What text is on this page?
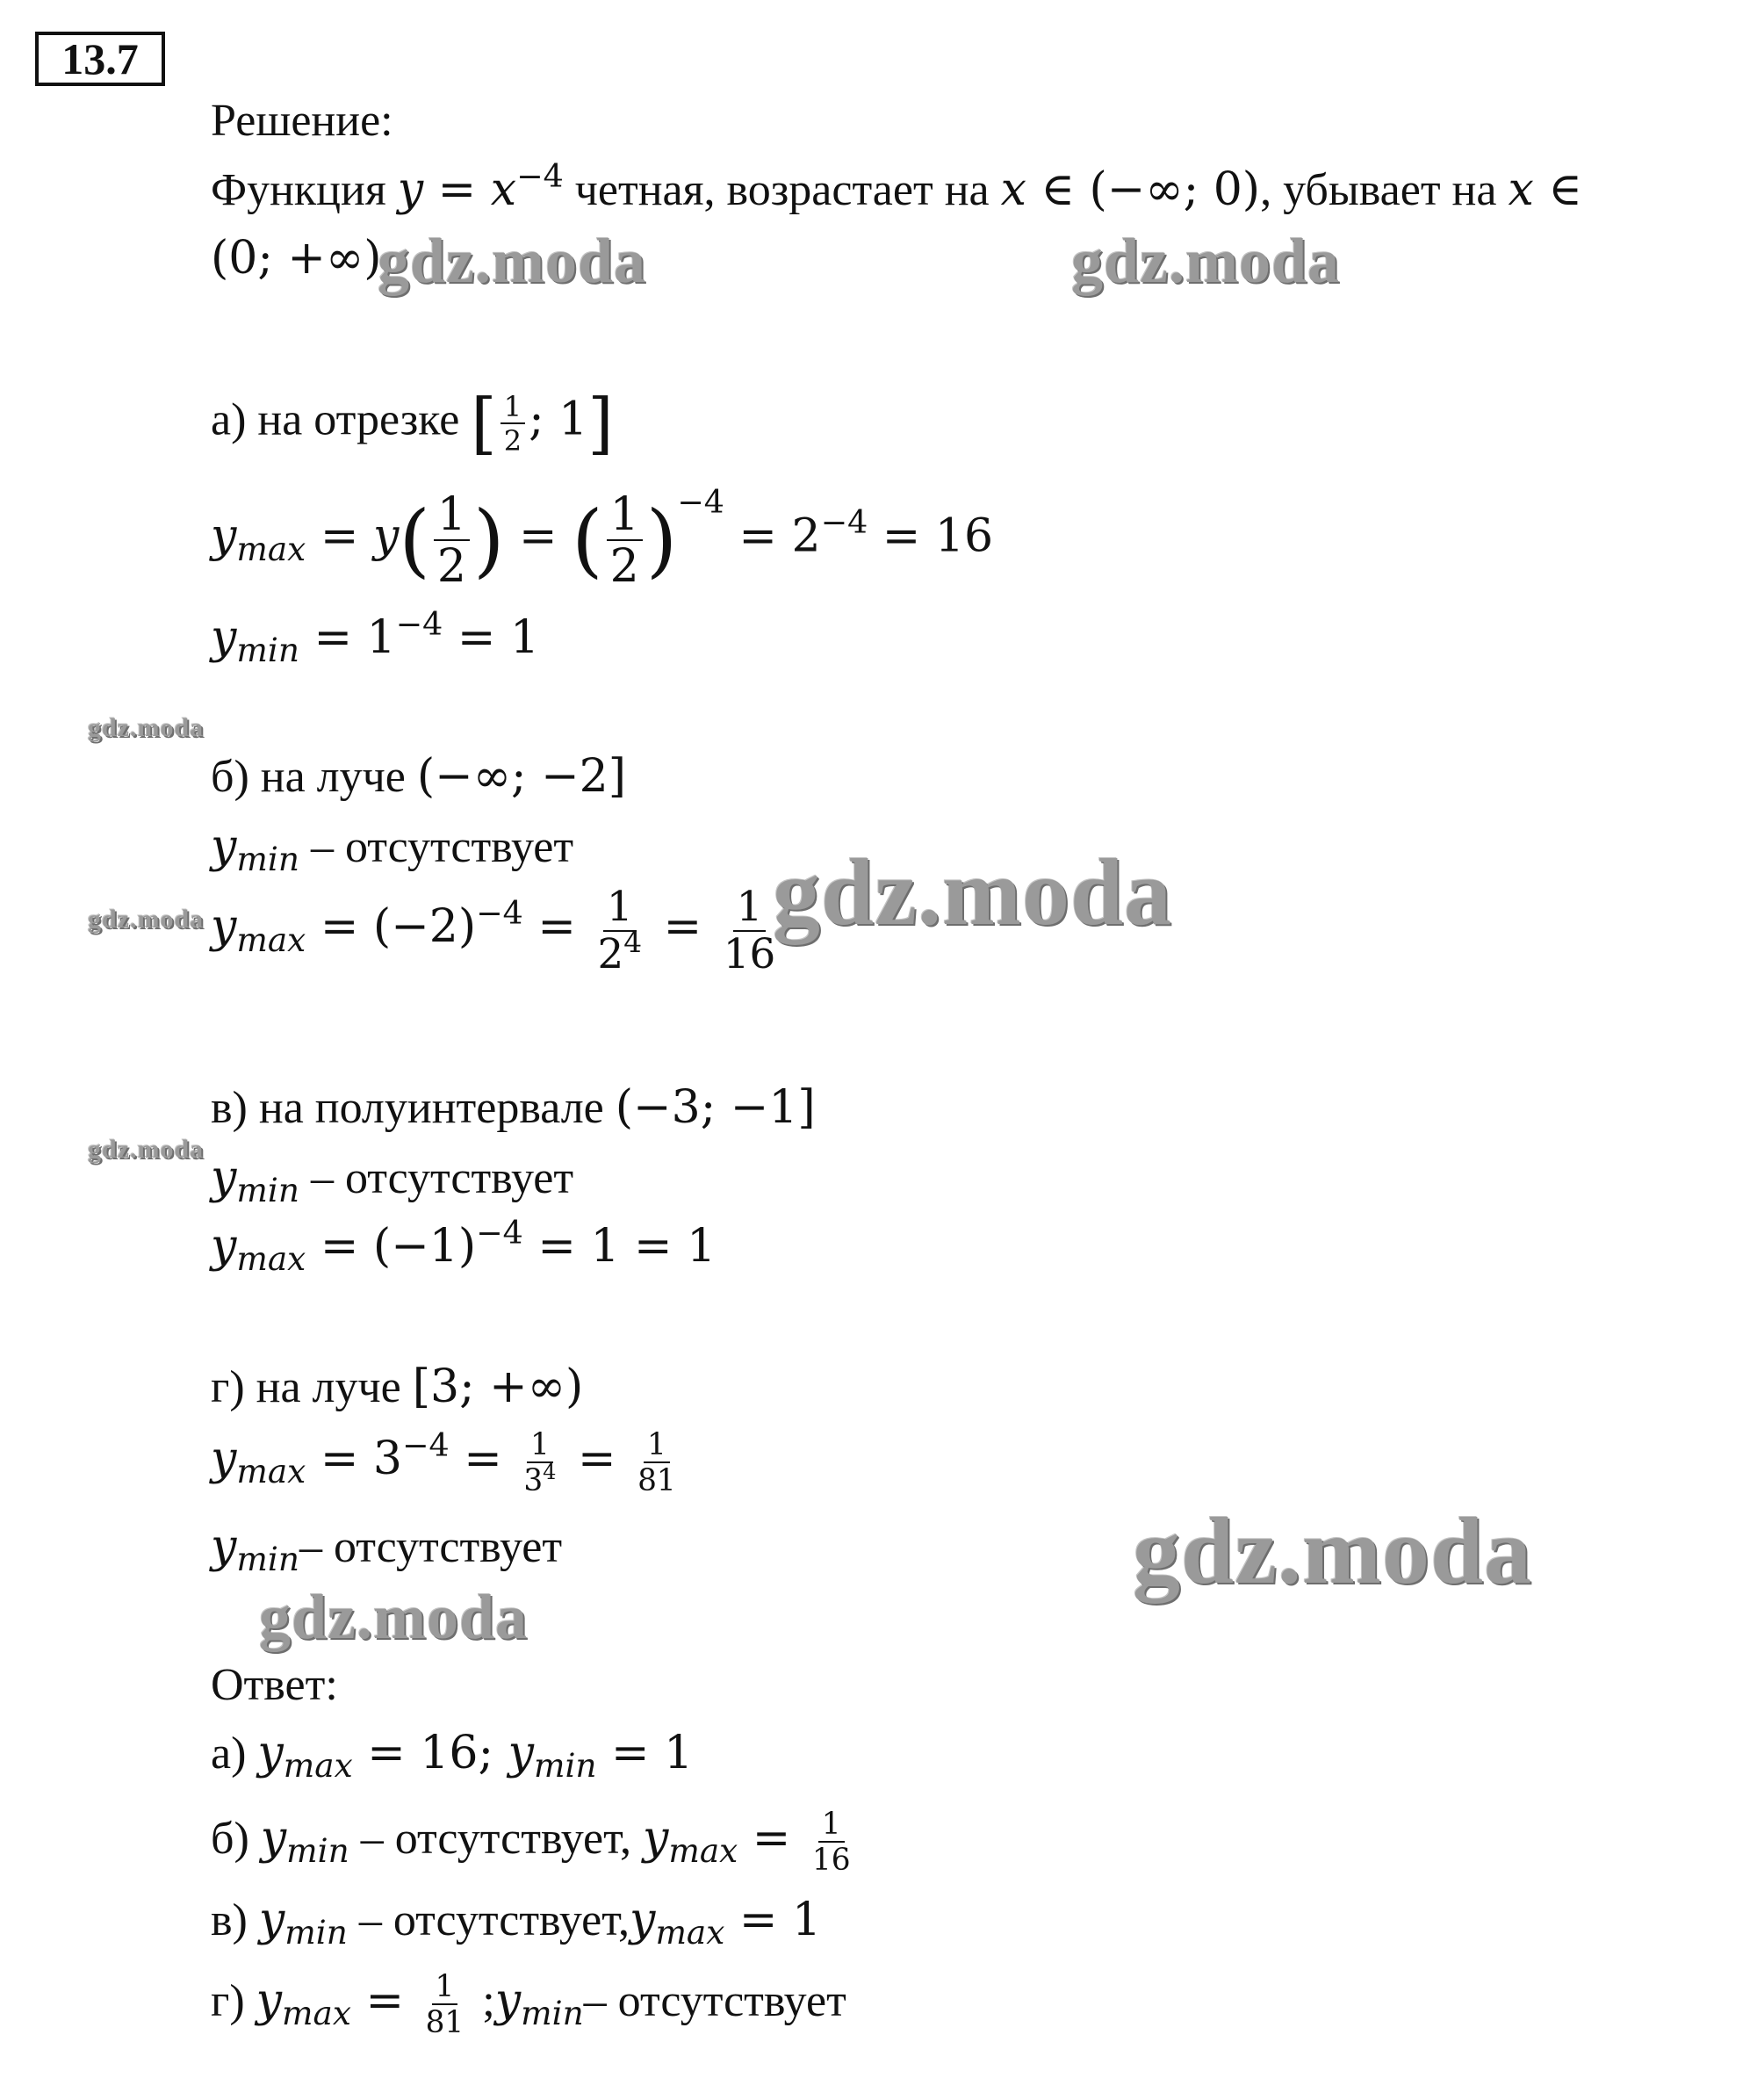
13.7
Решение:
Функция $y = x^{-4}$ четная, возрастает на x ∈ (−∞; 0), убывает на x ∈
(0; +∞)
а) на отрезке [ $\frac{1}{2}$ ; 1]
$y_{max} = y( \frac{1}{2}$ ) = ( $\frac{1}{2} )^{-4} = 2^{-4} = 16$
$y_{min} = 1^{-4} = 1$
б) на луче (−∞; −2]
$y_{min}$ – отсутствует
$y_{max} = (-2)^{-4} = \frac{1}{2^4} = \frac{1}{16}$
в) на полуинтервале (−3; −1]
$y_{min}$ – отсутствует
$y_{max} = (-1)^{-4} = 1 = 1$
г) на луче [3; +∞)
$y_{max} = 3^{-4} = \frac{1}{3^4} = \frac{1}{81}$
$y_{min}-$ отсутствует
Ответ:
а) $y_{max} = 16$; $y_{min} = 1$
б) $y_{min}$ – отсутствует, $y_{max} = \frac{1}{16}$
в) $y_{min}$ – $отсутствует,y_{max} = 1$
г) $y_{max} = \frac{1}{81}$ $;y_{min}-$ отсутствует
gdz.moda	gdz.moda
gdz.moda
gdz.moda
gdz.moda
gdz.moda
gdz.moda
gdz.moda
